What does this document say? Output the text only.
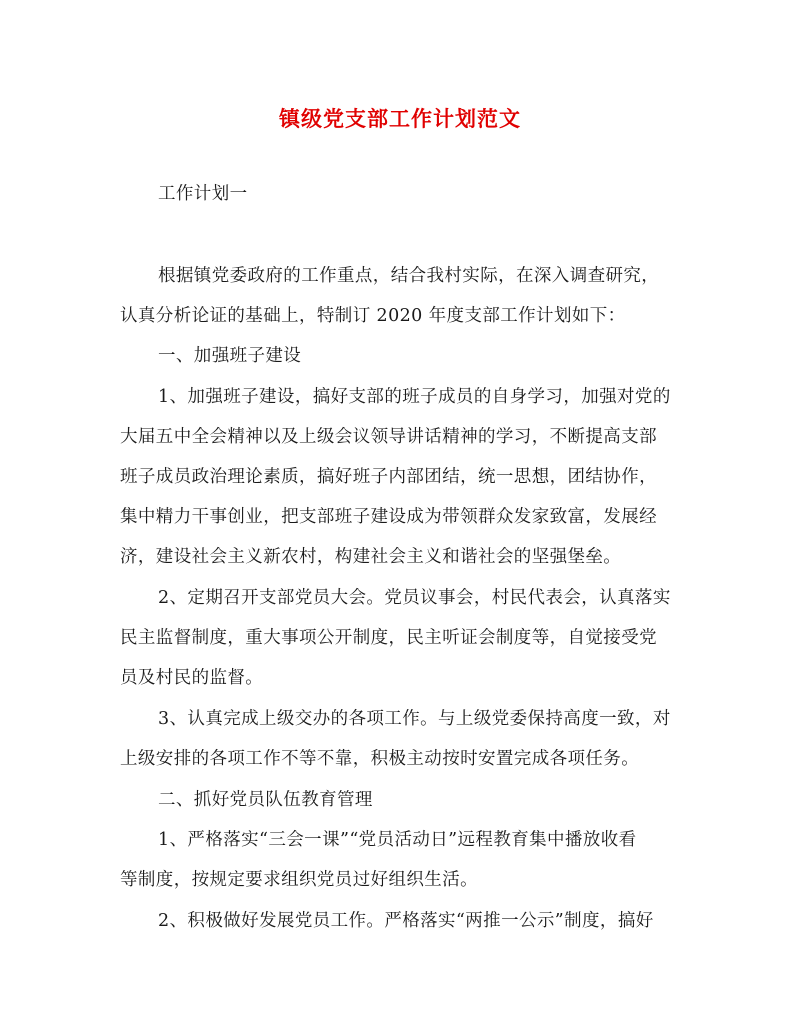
镇级党支部工作计划范文
工作计划一
根据镇党委政府的工作重点，结合我村实际，在深入调查研究，
认真分析论证的基础上，特制订 2020 年度支部工作计划如下：
一、加强班子建设
1、加强班子建设，搞好支部的班子成员的自身学习，加强对党的
大届五中全会精神以及上级会议领导讲话精神的学习，不断提高支部
班子成员政治理论素质，搞好班子内部团结，统一思想，团结协作，
集中精力干事创业，把支部班子建设成为带领群众发家致富，发展经
济，建设社会主义新农村，构建社会主义和谐社会的坚强堡垒。
2、定期召开支部党员大会。党员议事会，村民代表会，认真落实
民主监督制度，重大事项公开制度，民主听证会制度等，自觉接受党
员及村民的监督。
3、认真完成上级交办的各项工作。与上级党委保持高度一致，对
上级安排的各项工作不等不靠，积极主动按时安置完成各项任务。
二、抓好党员队伍教育管理
1、严格落实“三会一课”“党员活动日”远程教育集中播放收看
等制度，按规定要求组织党员过好组织生活。
2、积极做好发展党员工作。严格落实“两推一公示”制度，搞好
